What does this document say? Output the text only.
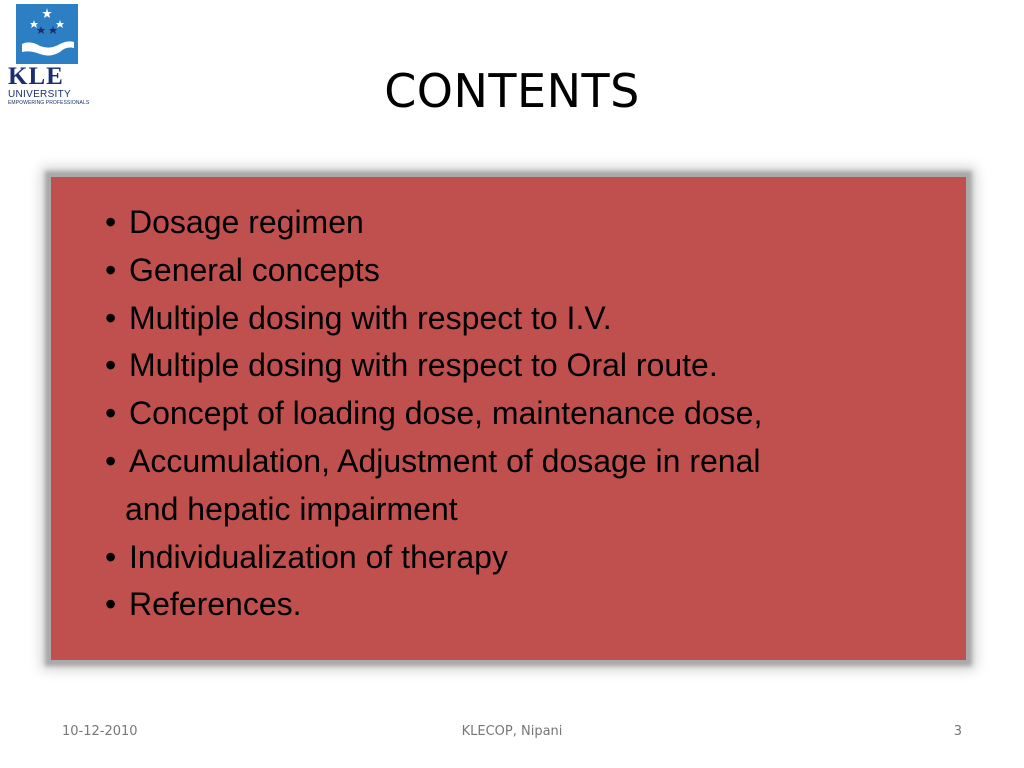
KLE
UNIVERSITY
EMPOWERING PROFESSIONALS	CONTENTS
• Dosage regimen
• General concepts
• Multiple dosing with respect to I.V.
• Multiple dosing with respect to Oral route.
• Concept of loading dose, maintenance dose,
• Accumulation, Adjustment of dosage in renal
and hepatic impairment
• Individualization of therapy
• References.
10-12-2010	KLECOP, Nipani	3
